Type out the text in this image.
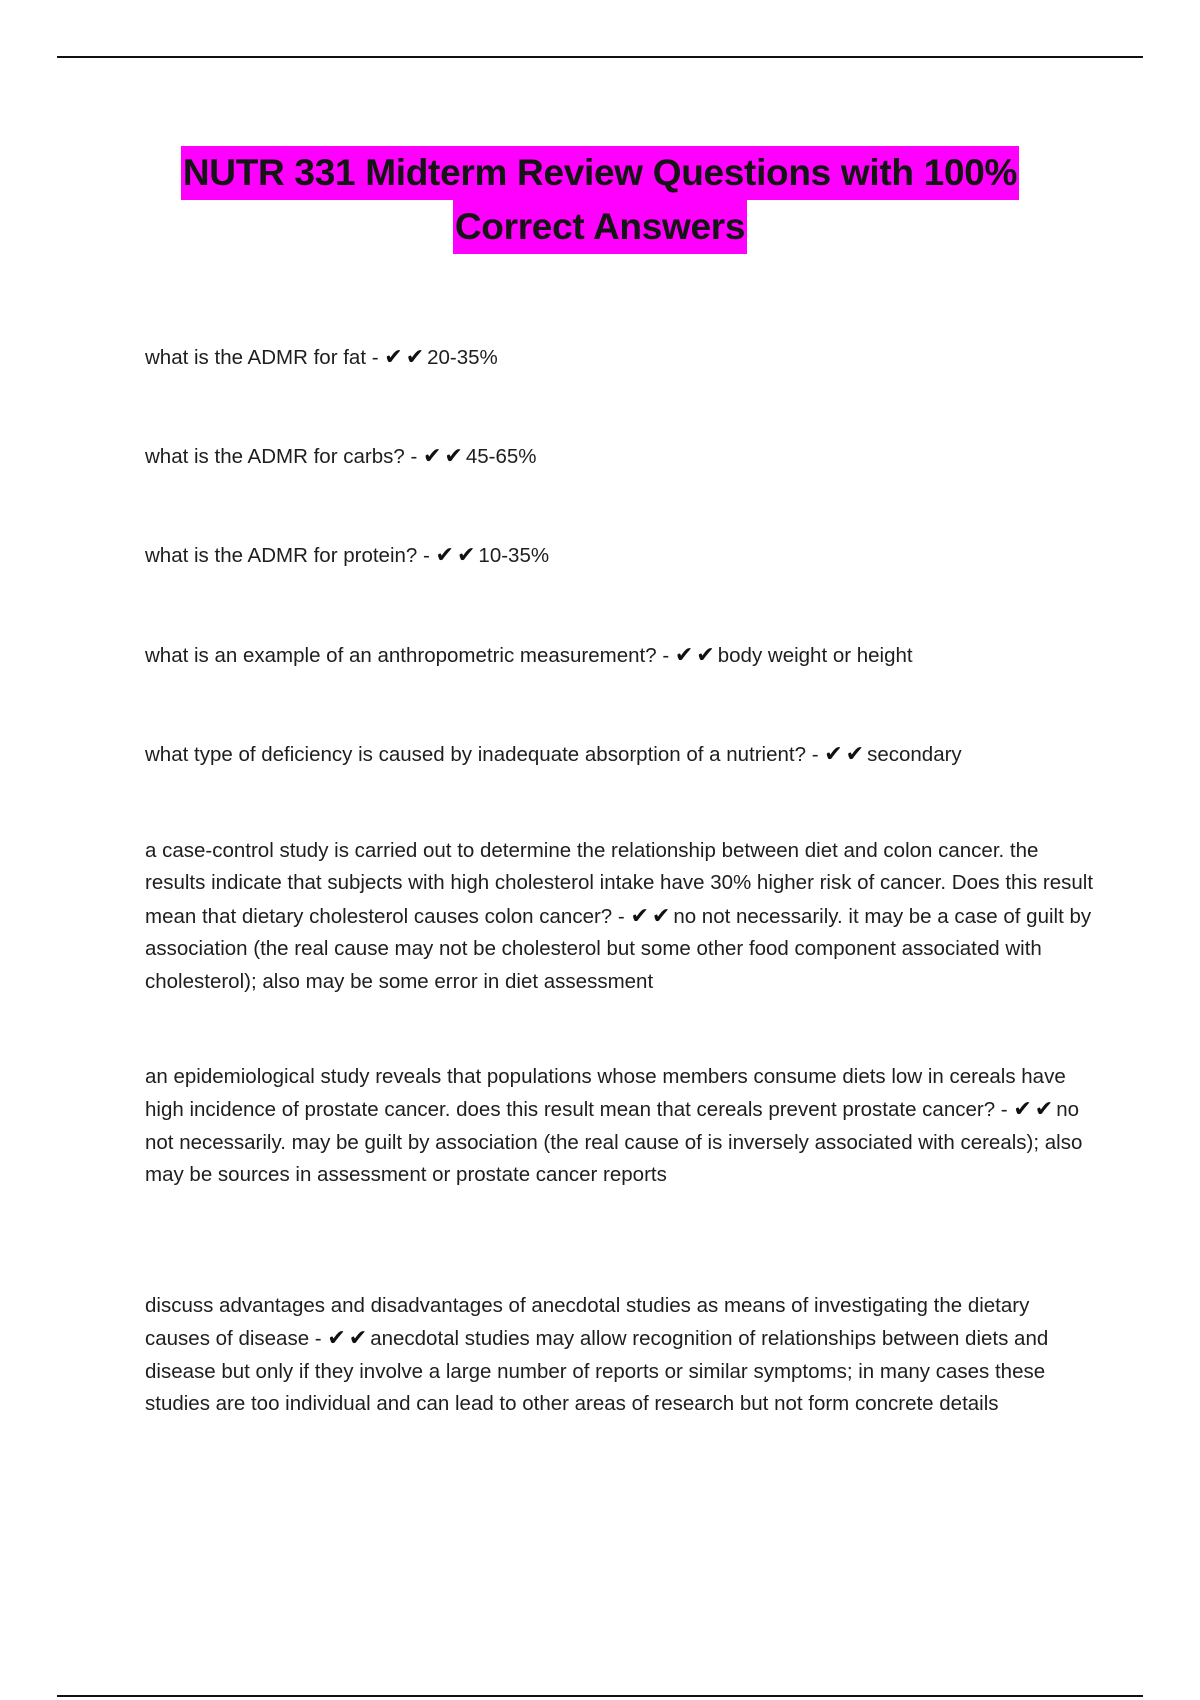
NUTR 331 Midterm Review Questions with 100%
Correct Answers

what is the ADMR for fat - ✔ ✔ 20-35%

what is the ADMR for carbs? - ✔ ✔ 45-65%

what is the ADMR for protein? - ✔ ✔ 10-35%

what is an example of an anthropometric measurement? - ✔ ✔ body weight or height

what type of deficiency is caused by inadequate absorption of a nutrient? - ✔ ✔ secondary

a case-control study is carried out to determine the relationship between diet and colon cancer. the results indicate that subjects with high cholesterol intake have 30% higher risk of cancer. Does this result mean that dietary cholesterol causes colon cancer? - ✔ ✔ no not necessarily. it may be a case of guilt by association (the real cause may not be cholesterol but some other food component associated with cholesterol); also may be some error in diet assessment

an epidemiological study reveals that populations whose members consume diets low in cereals have high incidence of prostate cancer. does this result mean that cereals prevent prostate cancer? - ✔ ✔ no not necessarily. may be guilt by association (the real cause of is inversely associated with cereals); also may be sources in assessment or prostate cancer reports

discuss advantages and disadvantages of anecdotal studies as means of investigating the dietary causes of disease - ✔ ✔ anecdotal studies may allow recognition of relationships between diets and disease but only if they involve a large number of reports or similar symptoms; in many cases these studies are too individual and can lead to other areas of research but not form concrete details
